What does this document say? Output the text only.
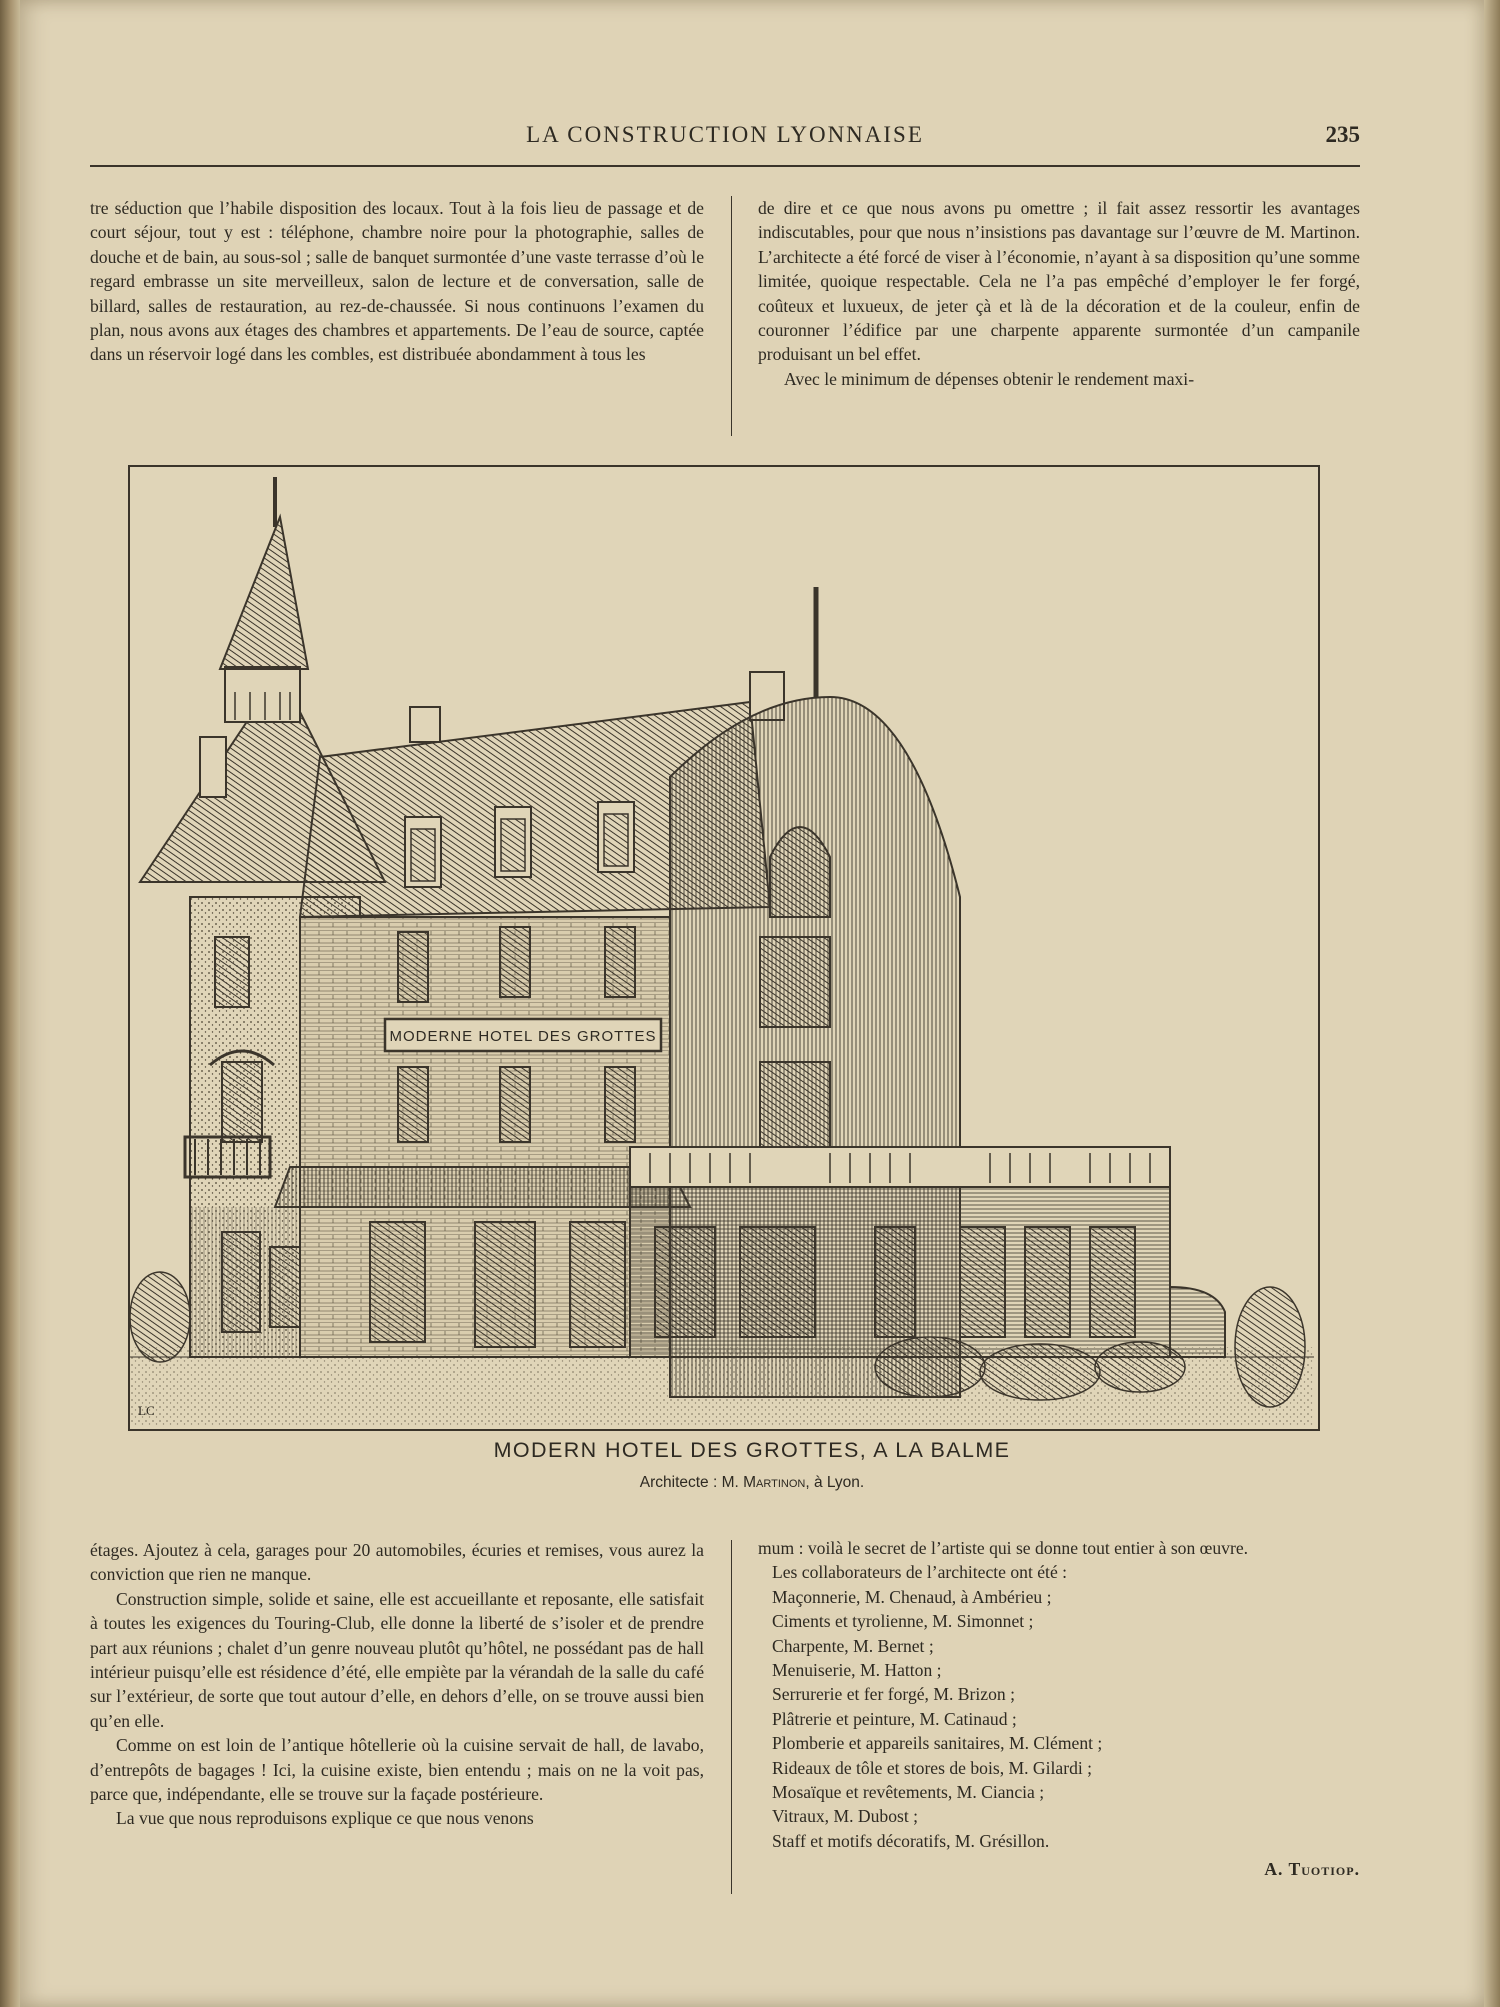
LA CONSTRUCTION LYONNAISE	235

tre séduction que l’habile disposition des locaux. Tout à la fois lieu de passage et de court séjour, tout y est : téléphone, chambre noire pour la photographie, salles de douche et de bain, au sous-sol ; salle de banquet surmontée d’une vaste terrasse d’où le regard embrasse un site merveilleux, salon de lecture et de conversation, salle de billard, salles de restauration, au rez-de-chaussée. Si nous continuons l’examen du plan, nous avons aux étages des chambres et appartements. De l’eau de source, captée dans un réservoir logé dans les combles, est distribuée abondamment à tous les

de dire et ce que nous avons pu omettre ; il fait assez ressortir les avantages indiscutables, pour que nous n’insistions pas davantage sur l’œuvre de M. Martinon. L’architecte a été forcé de viser à l’économie, n’ayant à sa disposition qu’une somme limitée, quoique respectable. Cela ne l’a pas empêché d’employer le fer forgé, coûteux et luxueux, de jeter çà et là de la décoration et de la couleur, enfin de couronner l’édifice par une charpente apparente surmontée d’un campanile produisant un bel effet.

Avec le minimum de dépenses obtenir le rendement maxi-

MODERNE HOTEL DES GROTTES
LC
MODERN HOTEL DES GROTTES, A LA BALME
Architecte : M. Martinon, à Lyon.

étages. Ajoutez à cela, garages pour 20 automobiles, écuries et remises, vous aurez la conviction que rien ne manque.

Construction simple, solide et saine, elle est accueillante et reposante, elle satisfait à toutes les exigences du Touring-Club, elle donne la liberté de s’isoler et de prendre part aux réunions ; chalet d’un genre nouveau plutôt qu’hôtel, ne possédant pas de hall intérieur puisqu’elle est résidence d’été, elle empiète par la vérandah de la salle du café sur l’extérieur, de sorte que tout autour d’elle, en dehors d’elle, on se trouve aussi bien qu’en elle.

Comme on est loin de l’antique hôtellerie où la cuisine servait de hall, de lavabo, d’entrepôts de bagages ! Ici, la cuisine existe, bien entendu ; mais on ne la voit pas, parce que, indépendante, elle se trouve sur la façade postérieure.

La vue que nous reproduisons explique ce que nous venons

mum : voilà le secret de l’artiste qui se donne tout entier à son œuvre.

Les collaborateurs de l’architecte ont été :

Maçonnerie, M. Chenaud, à Ambérieu ;

Ciments et tyrolienne, M. Simonnet ;

Charpente, M. Bernet ;

Menuiserie, M. Hatton ;

Serrurerie et fer forgé, M. Brizon ;

Plâtrerie et peinture, M. Catinaud ;

Plomberie et appareils sanitaires, M. Clément ;

Rideaux de tôle et stores de bois, M. Gilardi ;

Mosaïque et revêtements, M. Ciancia ;

Vitraux, M. Dubost ;

Staff et motifs décoratifs, M. Grésillon.

A. Tuotiop.
